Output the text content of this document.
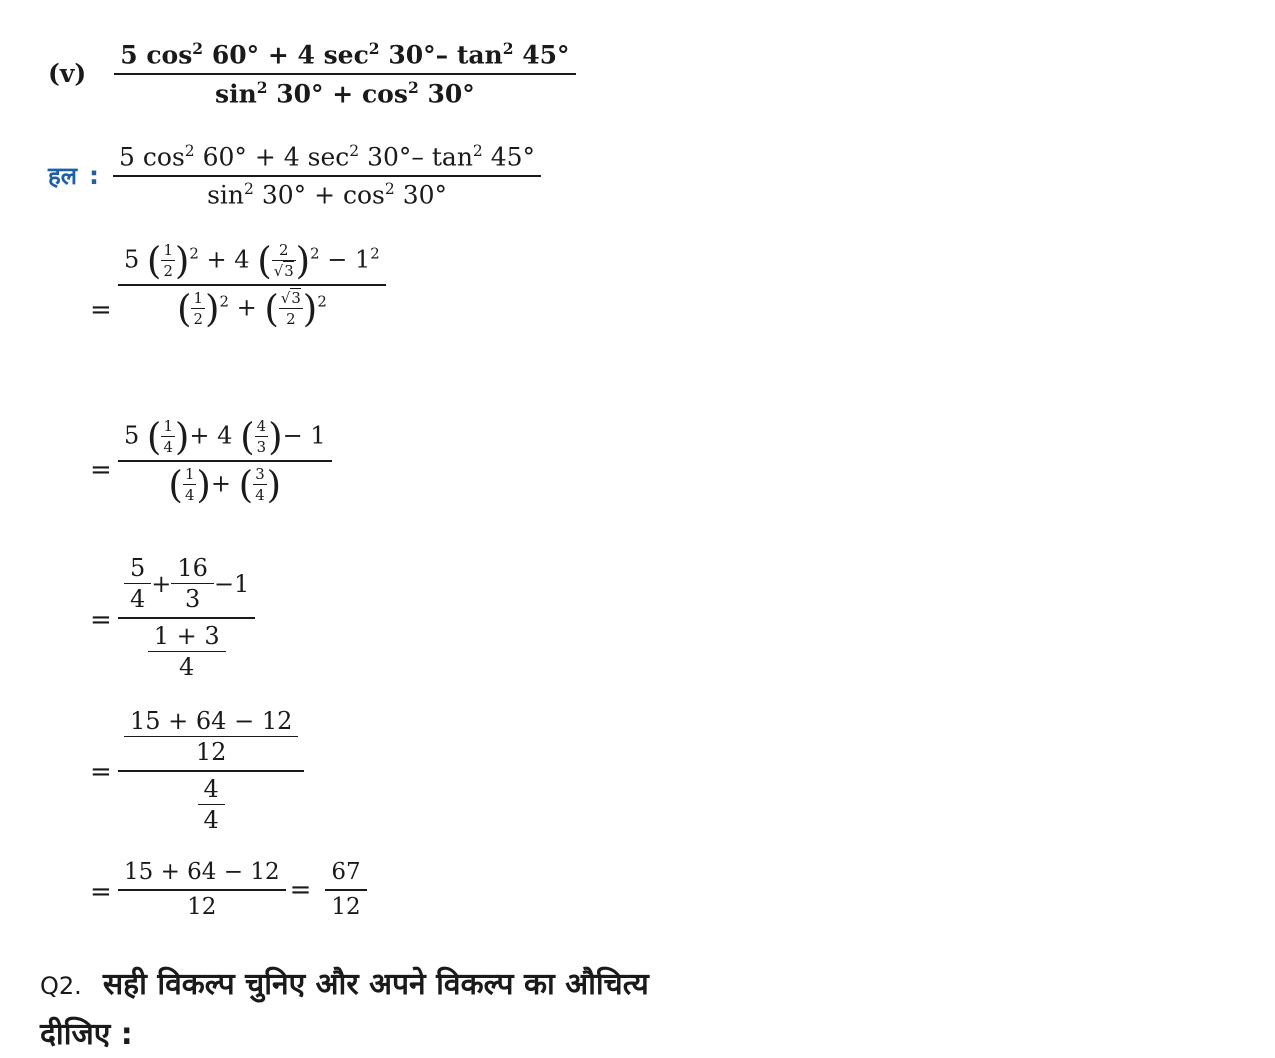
$(v) \frac{5 \cos^2 60^\circ + 4 \sec^2 30^\circ- \tan^2 45^\circ}{\sin^2 30^\circ + \cos^2 30^\circ}$
हल : $\frac{5 \cos^2 60^\circ + 4 \sec^2 30^\circ- \tan^2 45^\circ}{\sin^2 30^\circ + \cos^2 30^\circ}$
= $\frac{5 ( \frac{1}{2} )^2 + 4 ( \frac{2}{√3} )^2 - 1^2}{( \frac{1}{2} )^2 + ( \frac{√3}{2} )^2}$
= $\frac{5 ( \frac{1}{4} )+ 4 ( \frac{4}{3} )- 1}{( \frac{1}{4} )+ ( \frac{3}{4} )}$
= $\frac{\frac{5}{4} + \frac{16}{3} -1}{\frac{1 + 3}{4}}$
= $\frac{\frac{15 + 64 - 12}{12}}{\frac{4}{4}}$
= $\frac{15 + 64 - 12}{12} = \frac{67}{12}$
Q2. सही विकल्प चुनिए और अपने विकल्प का औचित्य
दीजिए :
